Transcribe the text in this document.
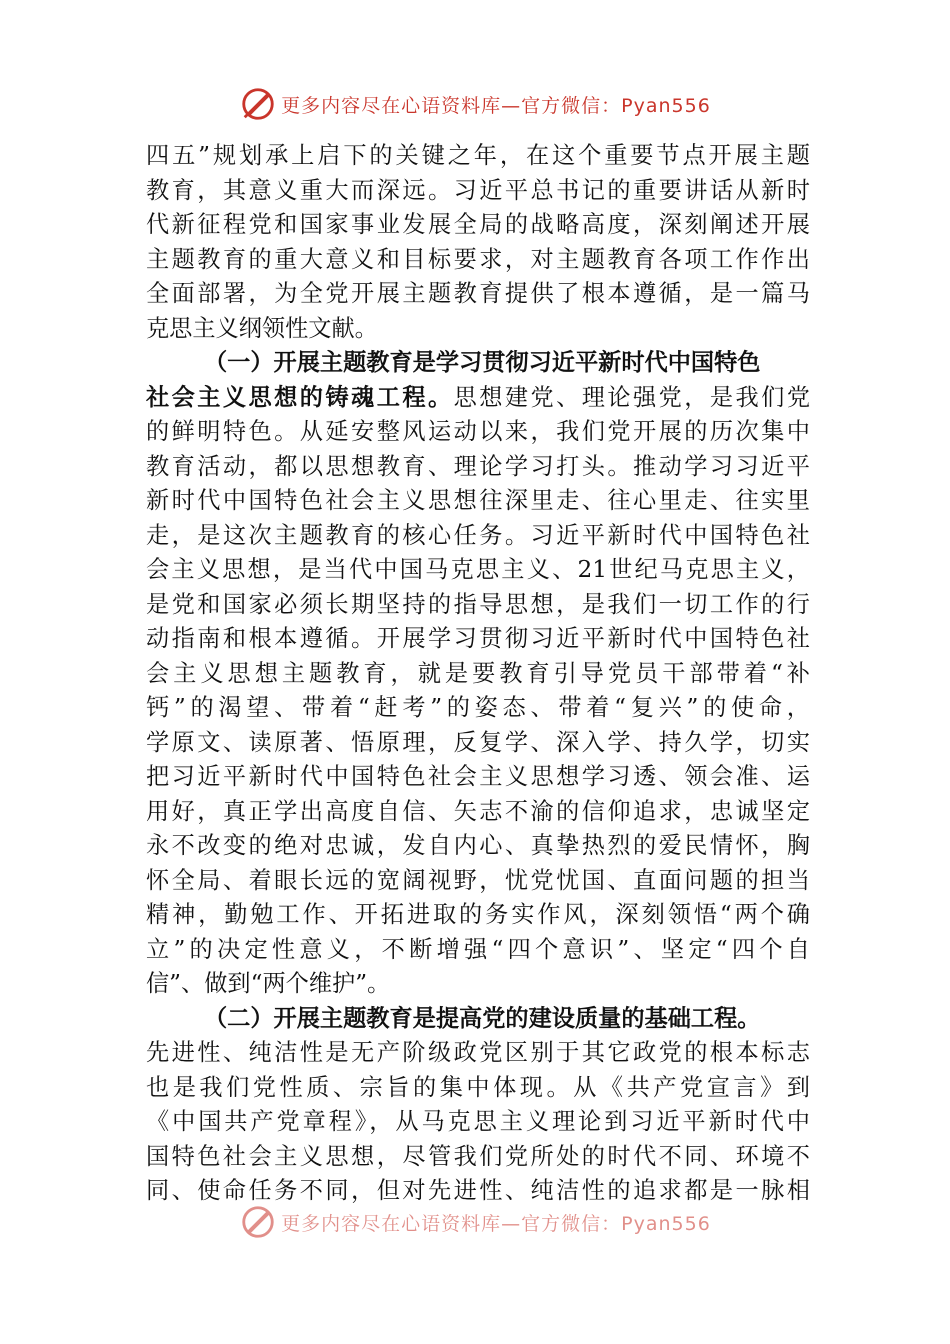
更多内容尽在心语资料库—官方微信：Pyan556
四五”规划承上启下的关键之年，在这个重要节点开展主题
教育，其意义重大而深远。习近平总书记的重要讲话从新时
代新征程党和国家事业发展全局的战略高度，深刻阐述开展
主题教育的重大意义和目标要求，对主题教育各项工作作出
全面部署，为全党开展主题教育提供了根本遵循，是一篇马
克思主义纲领性文献。
（一）开展主题教育是学习贯彻习近平新时代中国特色
社会主义思想的铸魂工程。思想建党、理论强党，是我们党
的鲜明特色。从延安整风运动以来，我们党开展的历次集中
教育活动，都以思想教育、理论学习打头。推动学习习近平
新时代中国特色社会主义思想往深里走、往心里走、往实里
走，是这次主题教育的核心任务。习近平新时代中国特色社
会主义思想，是当代中国马克思主义、21世纪马克思主义，
是党和国家必须长期坚持的指导思想，是我们一切工作的行
动指南和根本遵循。开展学习贯彻习近平新时代中国特色社
会主义思想主题教育，就是要教育引导党员干部带着“补
钙”的渴望、带着“赶考”的姿态、带着“复兴”的使命，
学原文、读原著、悟原理，反复学、深入学、持久学，切实
把习近平新时代中国特色社会主义思想学习透、领会准、运
用好，真正学出高度自信、矢志不渝的信仰追求，忠诚坚定
永不改变的绝对忠诚，发自内心、真挚热烈的爱民情怀，胸
怀全局、着眼长远的宽阔视野，忧党忧国、直面问题的担当
精神，勤勉工作、开拓进取的务实作风，深刻领悟“两个确
立”的决定性意义，不断增强“四个意识”、坚定“四个自
信”、做到“两个维护”。
（二）开展主题教育是提高党的建设质量的基础工程。
先进性、纯洁性是无产阶级政党区别于其它政党的根本标志
也是我们党性质、宗旨的集中体现。从《共产党宣言》到
《中国共产党章程》，从马克思主义理论到习近平新时代中
国特色社会主义思想，尽管我们党所处的时代不同、环境不
同、使命任务不同，但对先进性、纯洁性的追求都是一脉相
更多内容尽在心语资料库—官方微信：Pyan556
